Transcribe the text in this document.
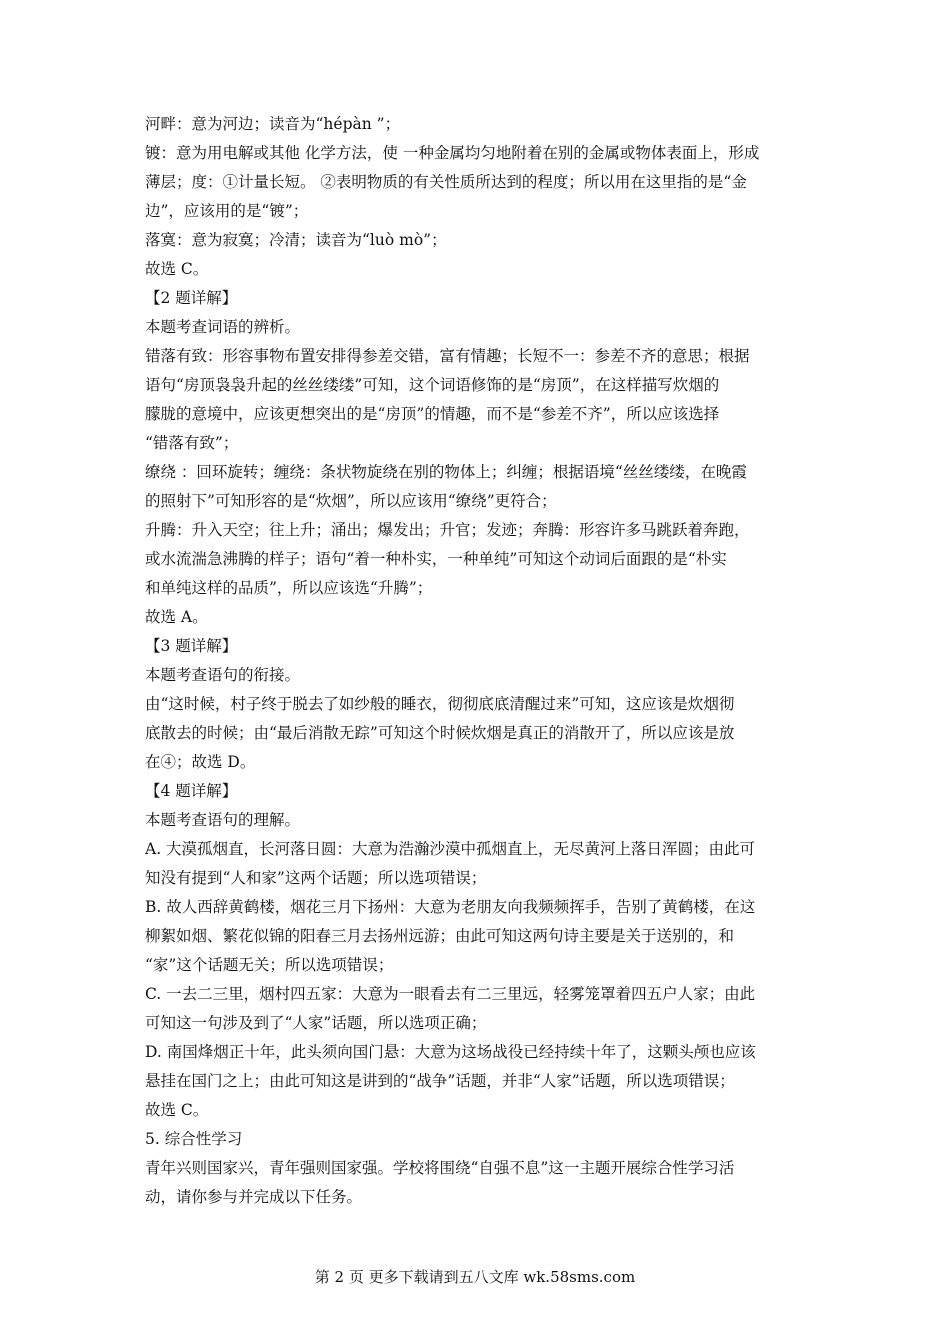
河畔：意为河边；读音为“hépàn ”；
镀：意为用电解或其他 化学方法，使 一种金属均匀地附着在别的金属或物体表面上，形成
薄层；度：①计量长短。 ②表明物质的有关性质所达到的程度；所以用在这里指的是“金
边”，应该用的是“镀”；
落寞：意为寂寞；冷清；读音为“luò mò”；
故选 C。
【2 题详解】
本题考查词语的辨析。
错落有致：形容事物布置安排得参差交错，富有情趣；长短不一：参差不齐的意思；根据
语句“房顶袅袅升起的丝丝缕缕”可知，这个词语修饰的是“房顶”，在这样描写炊烟的
朦胧的意境中，应该更想突出的是“房顶”的情趣，而不是“参差不齐”，所以应该选择
“错落有致”；
缭绕 ：回环旋转；缠绕：条状物旋绕在别的物体上；纠缠；根据语境“丝丝缕缕，在晚霞
的照射下”可知形容的是“炊烟”，所以应该用“缭绕”更符合；
升腾：升入天空；往上升；涌出；爆发出；升官；发迹；奔腾：形容许多马跳跃着奔跑，
或水流湍急沸腾的样子；语句“着一种朴实，一种单纯”可知这个动词后面跟的是“朴实
和单纯这样的品质”，所以应该选“升腾”；
故选 A。
【3 题详解】
本题考查语句的衔接。
由“这时候，村子终于脱去了如纱般的睡衣，彻彻底底清醒过来”可知，这应该是炊烟彻
底散去的时候；由“最后消散无踪”可知这个时候炊烟是真正的消散开了，所以应该是放
在④；故选 D。
【4 题详解】
本题考查语句的理解。
A. 大漠孤烟直，长河落日圆：大意为浩瀚沙漠中孤烟直上，无尽黄河上落日浑圆；由此可
知没有提到“人和家”这两个话题；所以选项错误；
B. 故人西辞黄鹤楼，烟花三月下扬州：大意为老朋友向我频频挥手，告别了黄鹤楼，在这
柳絮如烟、繁花似锦的阳春三月去扬州远游；由此可知这两句诗主要是关于送别的，和
“家”这个话题无关；所以选项错误；
C. 一去二三里，烟村四五家：大意为一眼看去有二三里远，轻雾笼罩着四五户人家；由此
可知这一句涉及到了“人家”话题，所以选项正确；
D. 南国烽烟正十年，此头须向国门悬：大意为这场战役已经持续十年了，这颗头颅也应该
悬挂在国门之上；由此可知这是讲到的“战争”话题，并非“人家”话题，所以选项错误；
故选 C。
5. 综合性学习
青年兴则国家兴，青年强则国家强。学校将围绕“自强不息”这一主题开展综合性学习活
动，请你参与并完成以下任务。
第 2 页 更多下载请到五八文库 wk.58sms.com
